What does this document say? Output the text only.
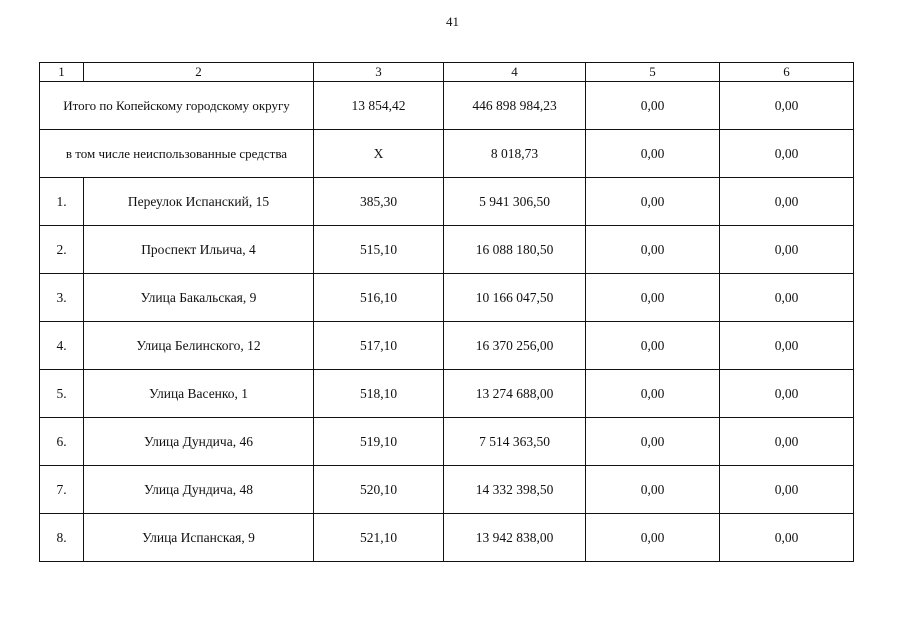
41
1	2	3	4	5	6
Итого по Копейскому городскому округу		13 854,42	446 898 984,23	0,00	0,00
в том числе неиспользованные средства		Х	8 018,73	0,00	0,00
1.	Переулок Испанский, 15	385,30	5 941 306,50	0,00	0,00
2.	Проспект Ильича, 4	515,10	16 088 180,50	0,00	0,00
3.	Улица Бакальская, 9	516,10	10 166 047,50	0,00	0,00
4.	Улица Белинского, 12	517,10	16 370 256,00	0,00	0,00
5.	Улица Васенко, 1	518,10	13 274 688,00	0,00	0,00
6.	Улица Дундича, 46	519,10	7 514 363,50	0,00	0,00
7.	Улица Дундича, 48	520,10	14 332 398,50	0,00	0,00
8.	Улица Испанская, 9	521,10	13 942 838,00	0,00	0,00
